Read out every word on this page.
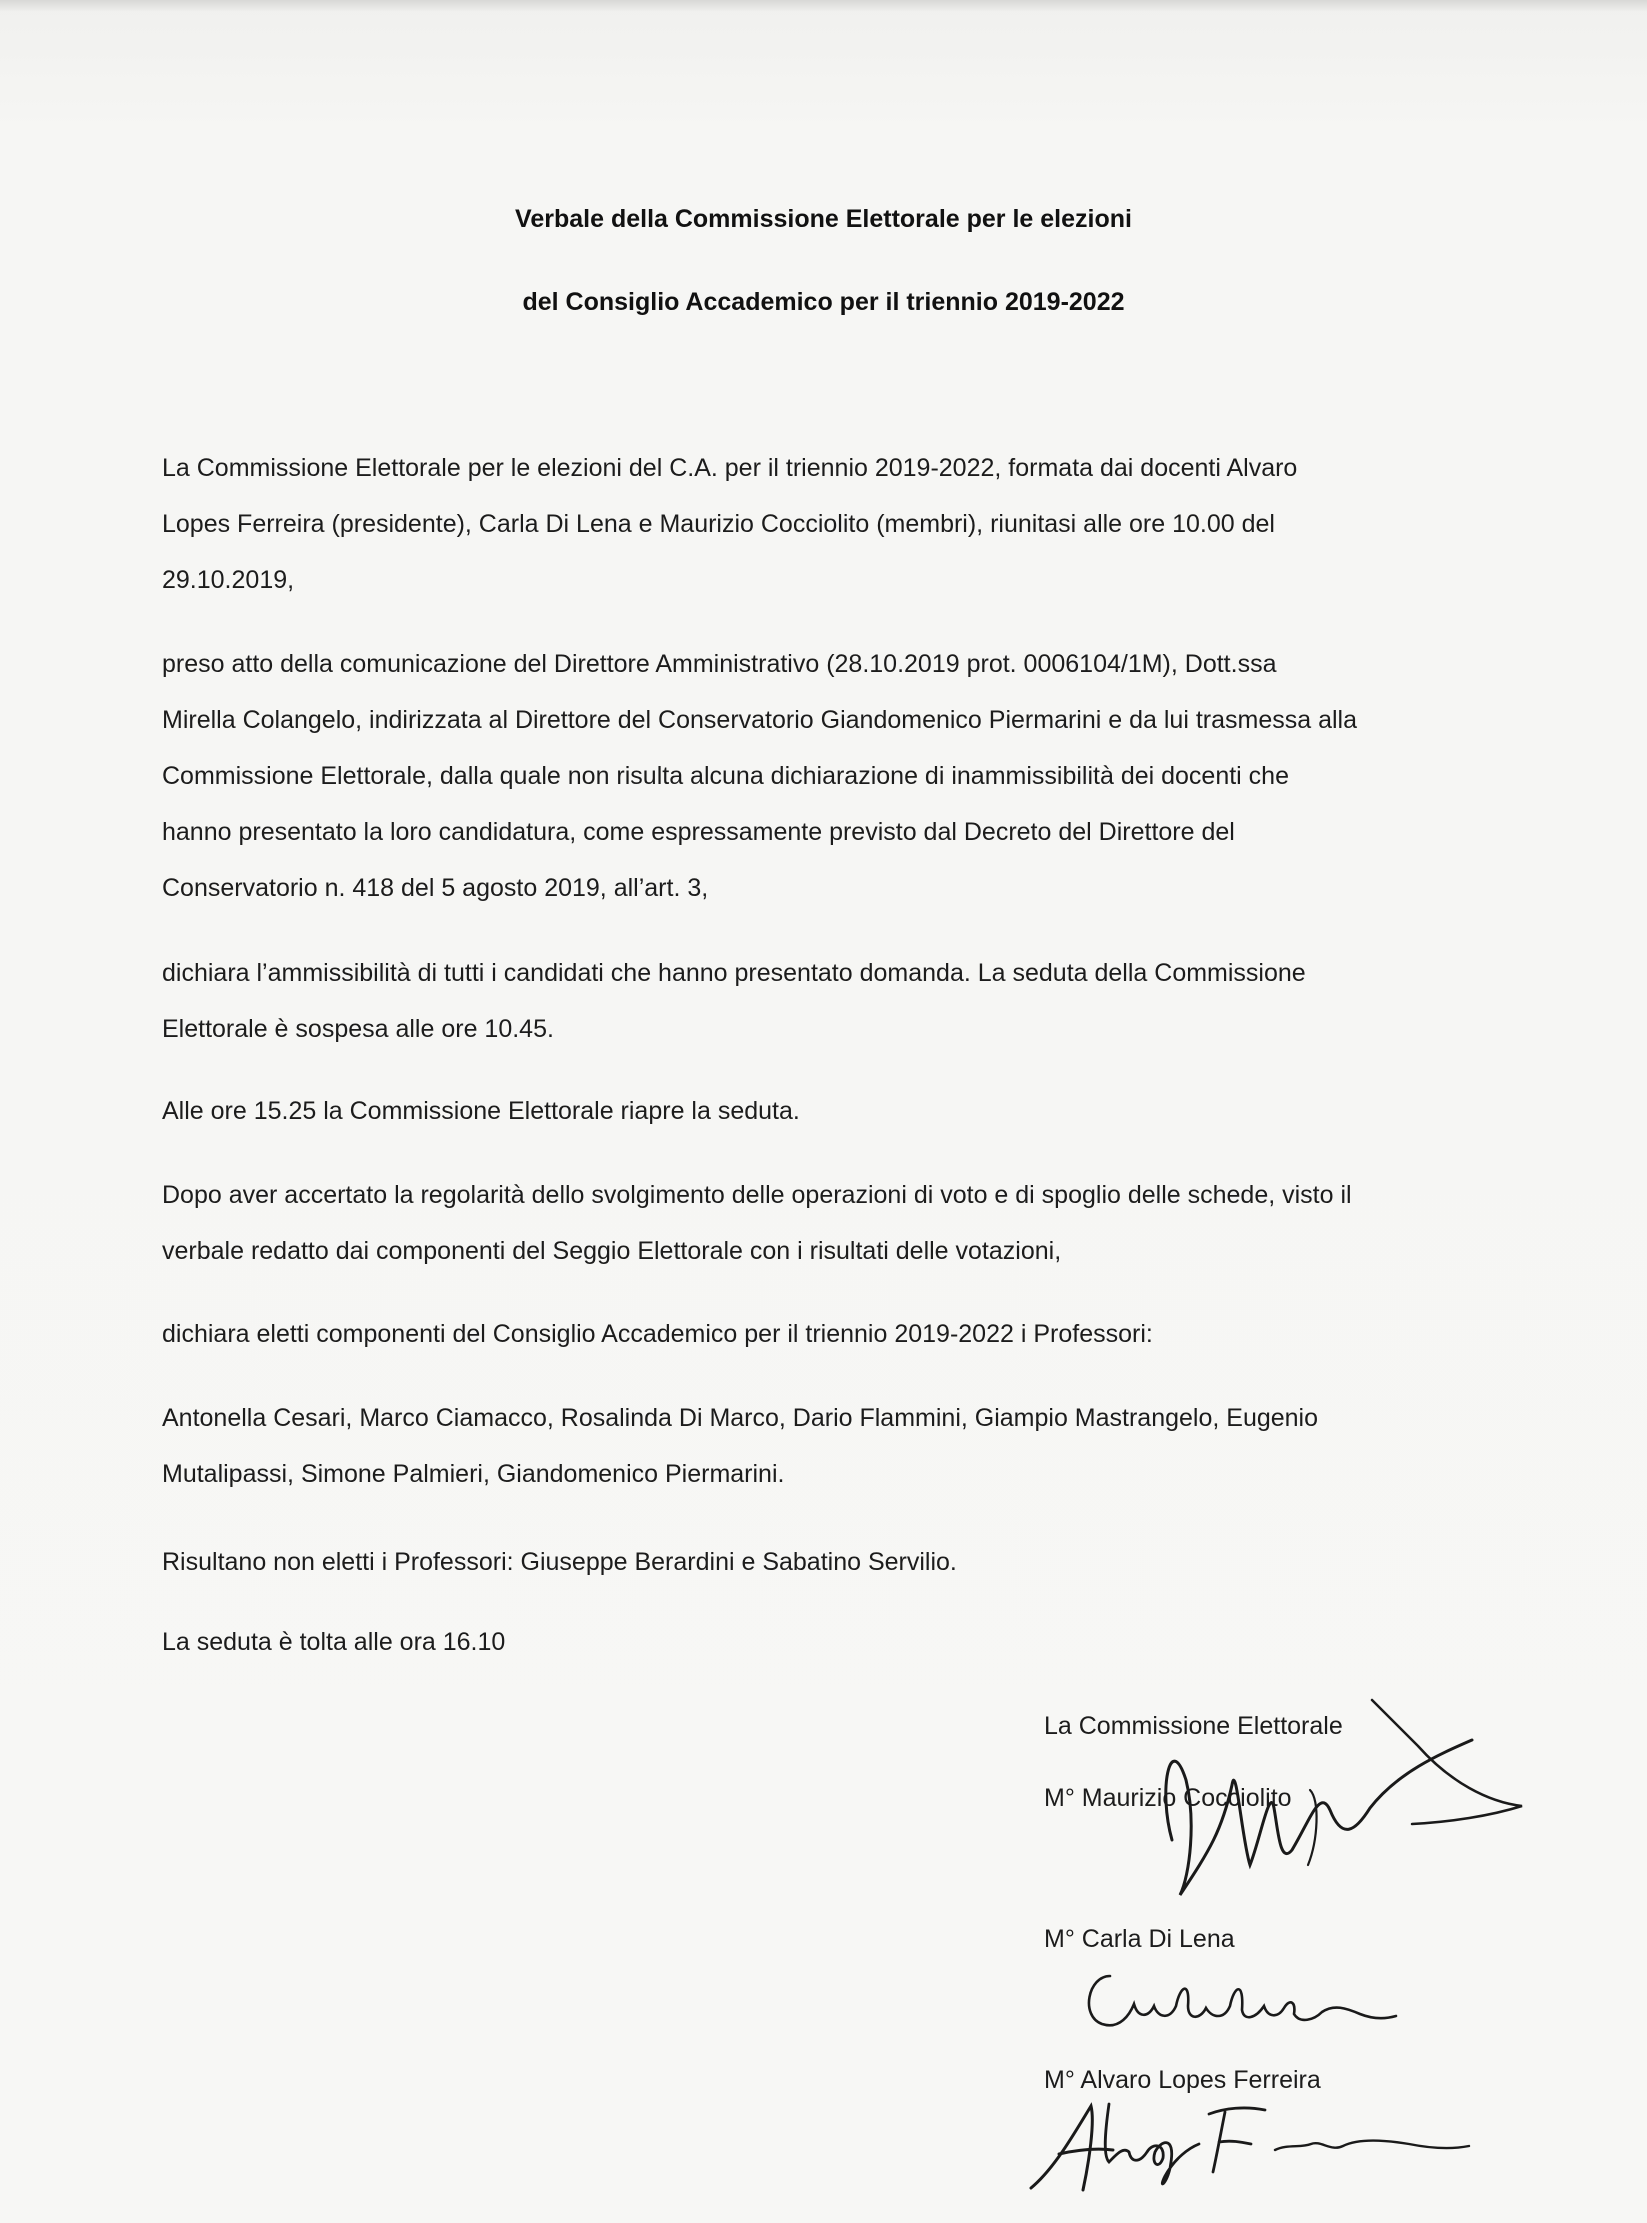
Verbale della Commissione Elettorale per le elezioni
del Consiglio Accademico per il triennio 2019-2022
La Commissione Elettorale per le elezioni del C.A. per il triennio 2019-2022, formata dai docenti Alvaro
Lopes Ferreira (presidente), Carla Di Lena e Maurizio Cocciolito (membri), riunitasi alle ore 10.00 del
29.10.2019,
preso atto della comunicazione del Direttore Amministrativo (28.10.2019 prot. 0006104/1M), Dott.ssa
Mirella Colangelo, indirizzata al Direttore del Conservatorio Giandomenico Piermarini e da lui trasmessa alla
Commissione Elettorale, dalla quale non risulta alcuna dichiarazione di inammissibilità dei docenti che
hanno presentato la loro candidatura, come espressamente previsto dal Decreto del Direttore del
Conservatorio n. 418 del 5 agosto 2019, all’art. 3,
dichiara l’ammissibilità di tutti i candidati che hanno presentato domanda. La seduta della Commissione
Elettorale è sospesa alle ore 10.45.
Alle ore 15.25 la Commissione Elettorale riapre la seduta.
Dopo aver accertato la regolarità dello svolgimento delle operazioni di voto e di spoglio delle schede, visto il
verbale redatto dai componenti del Seggio Elettorale con i risultati delle votazioni,
dichiara eletti componenti del Consiglio Accademico per il triennio 2019-2022 i Professori:
Antonella Cesari, Marco Ciamacco, Rosalinda Di Marco, Dario Flammini, Giampio Mastrangelo, Eugenio
Mutalipassi, Simone Palmieri, Giandomenico Piermarini.
Risultano non eletti i Professori: Giuseppe Berardini e Sabatino Servilio.
La seduta è tolta alle ora 16.10
La Commissione Elettorale
M° Maurizio Cocciolito
M° Carla Di Lena
M° Alvaro Lopes Ferreira
